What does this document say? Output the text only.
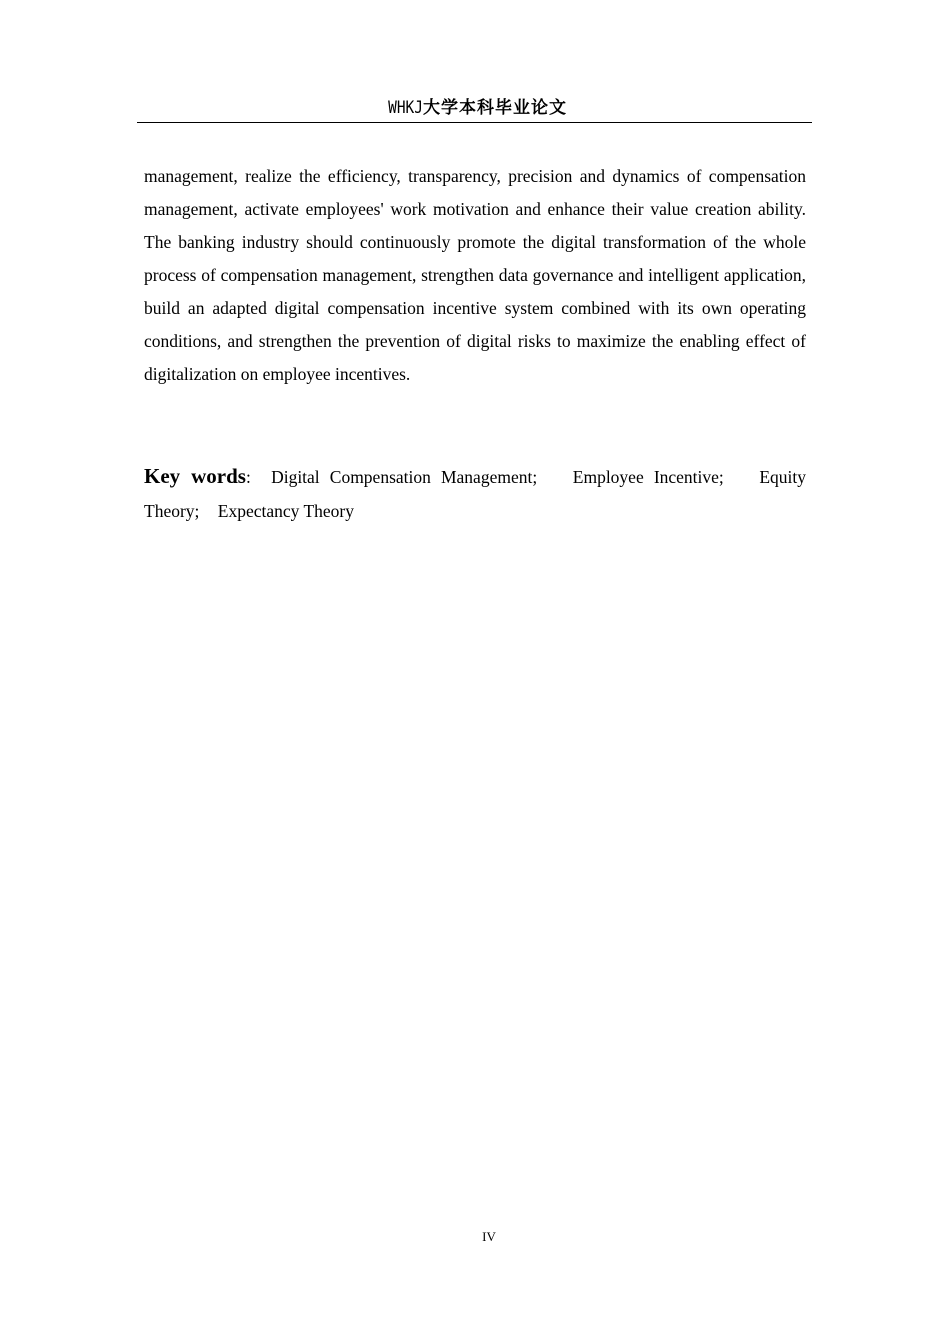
WHKJ大学本科毕业论文

management, realize the efficiency, transparency, precision and dynamics of compensation management, activate employees' work motivation and enhance their value creation ability. The banking industry should continuously promote the digital transformation of the whole process of compensation management, strengthen data governance and intelligent application, build an adapted digital compensation incentive system combined with its own operating conditions, and strengthen the prevention of digital risks to maximize the enabling effect of digitalization on employee incentives.

Key words: Digital Compensation Management; Employee Incentive; Equity Theory; Expectancy Theory

IV
